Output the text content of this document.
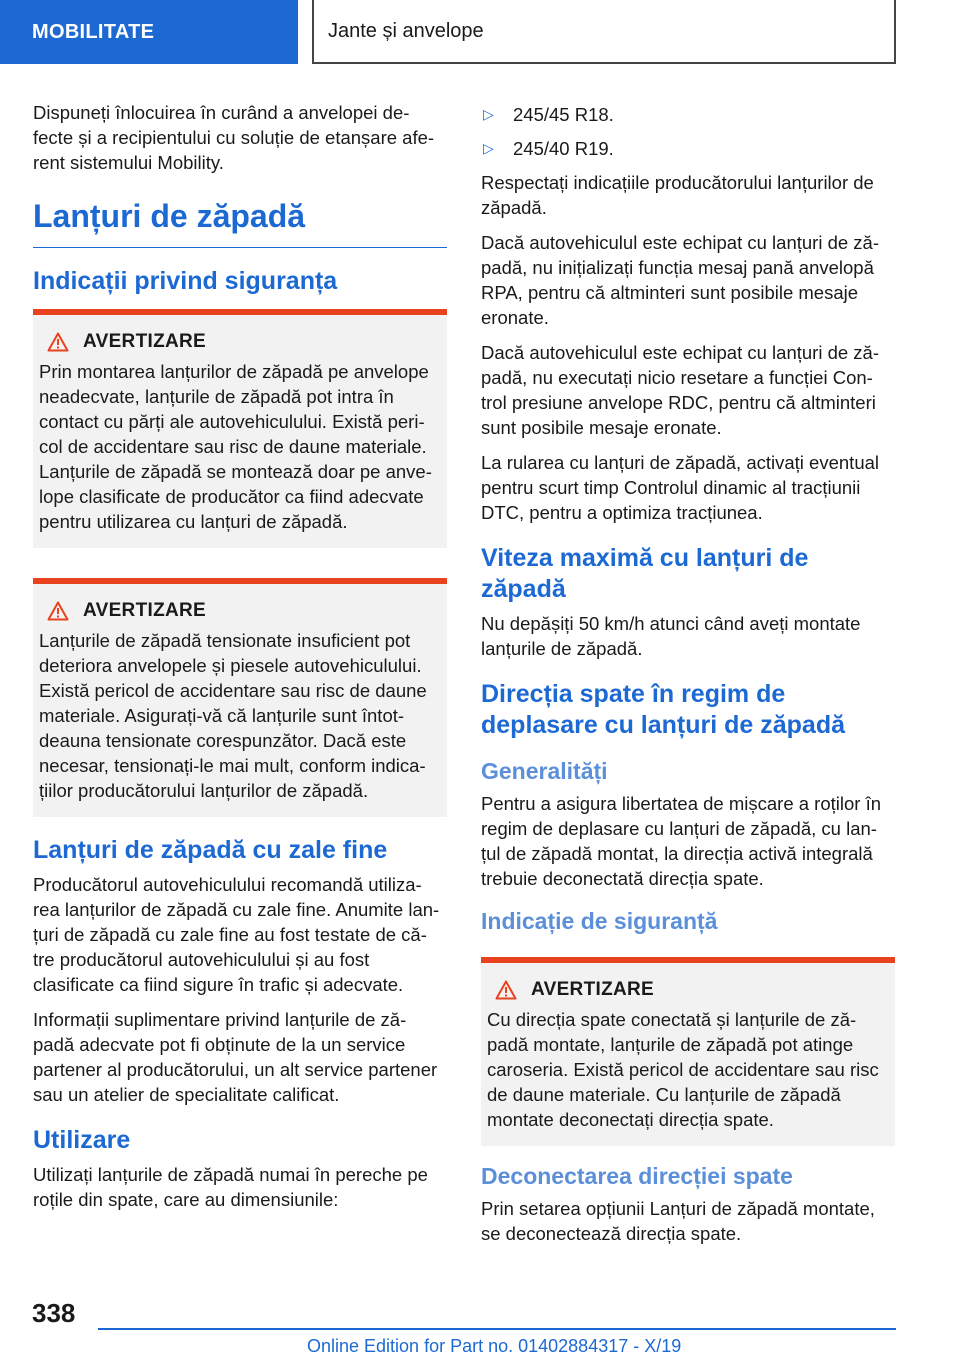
MOBILITATE	Jante și anvelope

Dispuneți înlocuirea în curând a anvelopei de-fecte și a recipientului cu soluție de etanșare afe-rent sistemului Mobility.

Lanțuri de zăpadă
Indicații privind siguranța
AVERTIZARE

Prin montarea lanțurilor de zăpadă pe anvelope neadecvate, lanțurile de zăpadă pot intra în contact cu părți ale autovehiculului. Există peri-col de accidentare sau risc de daune materiale. Lanțurile de zăpadă se montează doar pe anve-lope clasificate de producător ca fiind adecvate pentru utilizarea cu lanțuri de zăpadă.

AVERTIZARE

Lanțurile de zăpadă tensionate insuficient pot deteriora anvelopele și piesele autovehiculului. Există pericol de accidentare sau risc de daune materiale. Asigurați-vă că lanțurile sunt întot-deauna tensionate corespunzător. Dacă este necesar, tensionați-le mai mult, conform indica-țiilor producătorului lanțurilor de zăpadă.

Lanțuri de zăpadă cu zale fine

Producătorul autovehiculului recomandă utiliza-rea lanțurilor de zăpadă cu zale fine. Anumite lan-țuri de zăpadă cu zale fine au fost testate de că-tre producătorul autovehiculului și au fost clasificate ca fiind sigure în trafic și adecvate.

Informații suplimentare privind lanțurile de ză-padă adecvate pot fi obținute de la un service partener al producătorului, un alt service partener sau un atelier de specialitate calificat.

Utilizare

Utilizați lanțurile de zăpadă numai în pereche pe roțile din spate, care au dimensiunile:

▷	245/45 R18.
▷	245/40 R19.

Respectați indicațiile producătorului lanțurilor de zăpadă.

Dacă autovehiculul este echipat cu lanțuri de ză-padă, nu inițializați funcția mesaj pană anvelopă RPA, pentru că altminteri sunt posibile mesaje eronate.

Dacă autovehiculul este echipat cu lanțuri de ză-padă, nu executați nicio resetare a funcției Con-trol presiune anvelope RDC, pentru că altminteri sunt posibile mesaje eronate.

La rularea cu lanțuri de zăpadă, activați eventual pentru scurt timp Controlul dinamic al tracțiunii DTC, pentru a optimiza tracțiunea.

Viteza maximă cu lanțuri de zăpadă

Nu depășiți 50 km/h atunci când aveți montate lanțurile de zăpadă.

Direcția spate în regim de deplasare cu lanțuri de zăpadă
Generalități

Pentru a asigura libertatea de mișcare a roților în regim de deplasare cu lanțuri de zăpadă, cu lan-țul de zăpadă montat, la direcția activă integrală trebuie deconectată direcția spate.

Indicație de siguranță
AVERTIZARE

Cu direcția spate conectată și lanțurile de ză-padă montate, lanțurile de zăpadă pot atinge caroseria. Există pericol de accidentare sau risc de daune materiale. Cu lanțurile de zăpadă montate deconectați direcția spate.

Deconectarea direcției spate

Prin setarea opțiunii Lanțuri de zăpadă montate, se deconectează direcția spate.

338
Online Edition for Part no. 01402884317 - X/19
